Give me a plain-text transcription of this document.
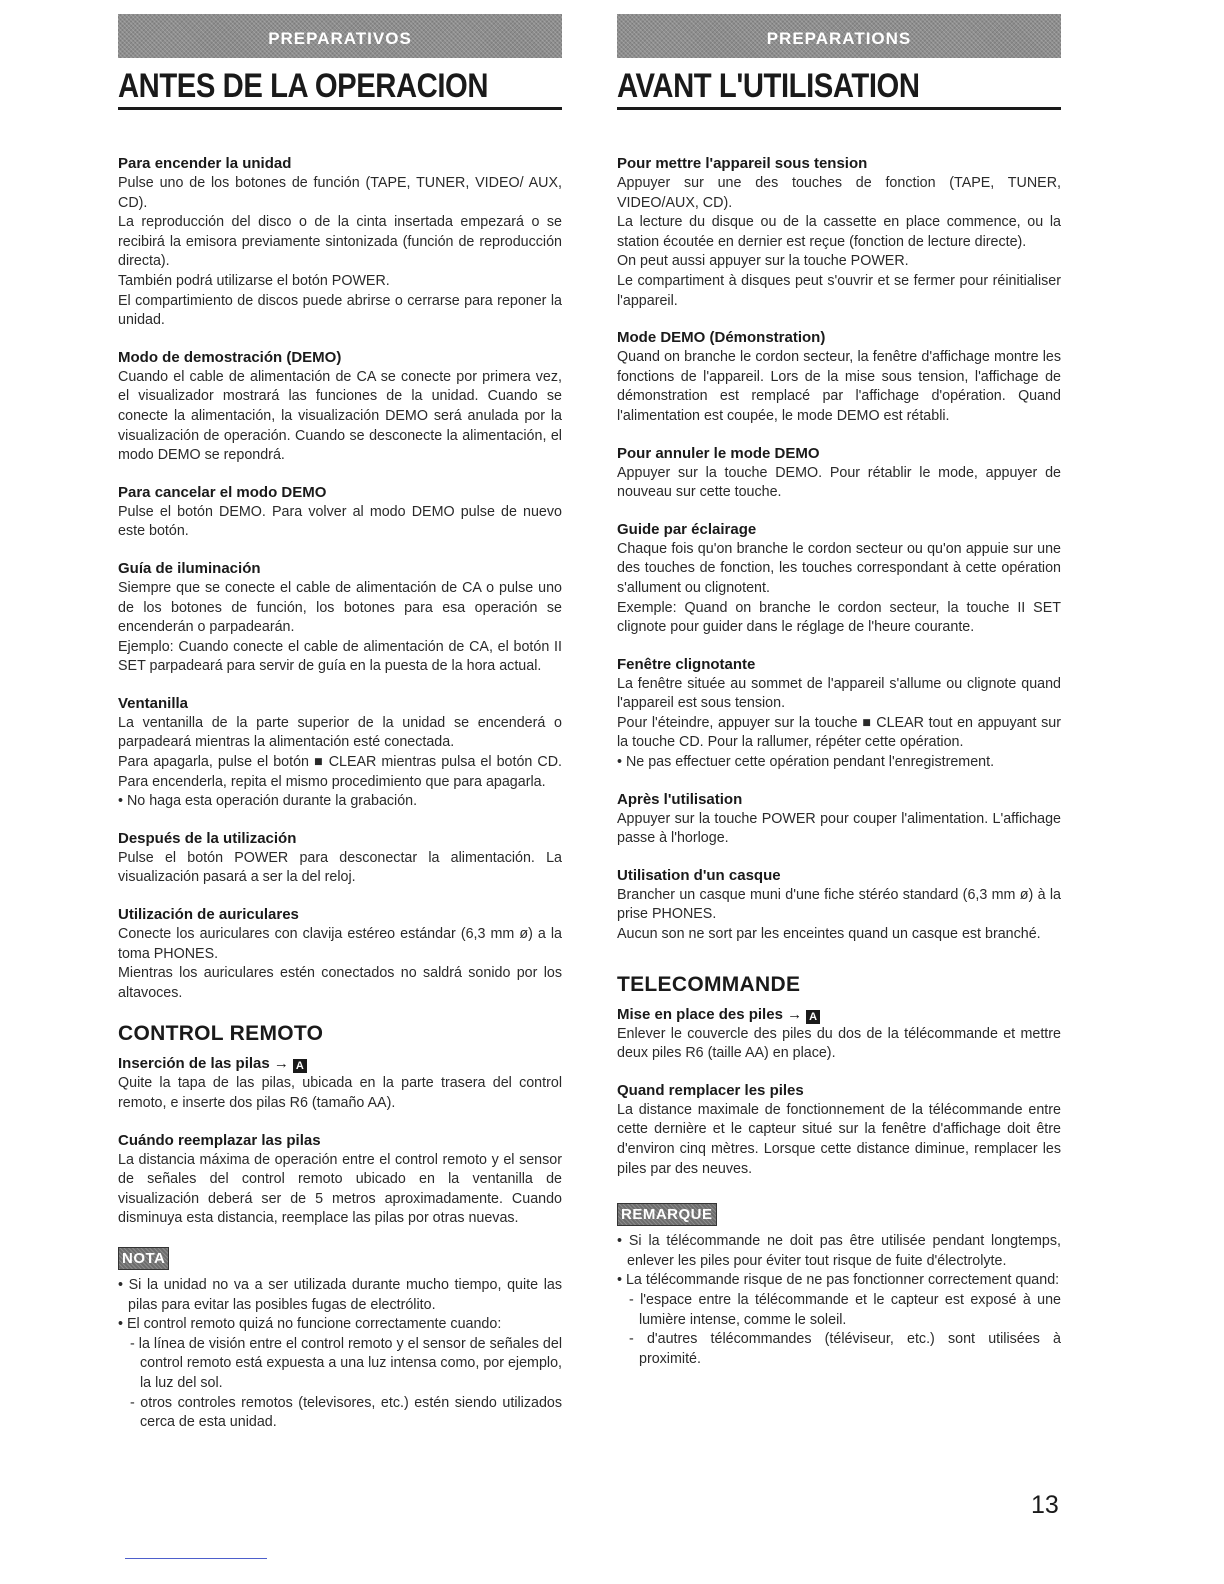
PREPARATIVOS
ANTES DE LA OPERACION
Para encender la unidad

Pulse uno de los botones de función (TAPE, TUNER, VIDEO/ AUX, CD).
La reproducción del disco o de la cinta insertada empezará o se recibirá la emisora previamente sintonizada (función de reproducción directa).
También podrá utilizarse el botón POWER.
El compartimiento de discos puede abrirse o cerrarse para reponer la unidad.

Modo de demostración (DEMO)

Cuando el cable de alimentación de CA se conecte por primera vez, el visualizador mostrará las funciones de la unidad. Cuando se conecte la alimentación, la visualización DEMO será anulada por la visualización de operación. Cuando se desconecte la alimentación, el modo DEMO se repondrá.

Para cancelar el modo DEMO

Pulse el botón DEMO. Para volver al modo DEMO pulse de nuevo este botón.

Guía de iluminación

Siempre que se conecte el cable de alimentación de CA o pulse uno de los botones de función, los botones para esa operación se encenderán o parpadearán.
Ejemplo: Cuando conecte el cable de alimentación de CA, el botón II SET parpadeará para servir de guía en la puesta de la hora actual.

Ventanilla

La ventanilla de la parte superior de la unidad se encenderá o parpadeará mientras la alimentación esté conectada.
Para apagarla, pulse el botón ■ CLEAR mientras pulsa el botón CD. Para encenderla, repita el mismo procedimiento que para apagarla.
• No haga esta operación durante la grabación.

Después de la utilización

Pulse el botón POWER para desconectar la alimentación. La visualización pasará a ser la del reloj.

Utilización de auriculares

Conecte los auriculares con clavija estéreo estándar (6,3 mm ø) a la toma PHONES.
Mientras los auriculares estén conectados no saldrá sonido por los altavoces.

CONTROL REMOTO
Inserción de las pilas → A

Quite la tapa de las pilas, ubicada en la parte trasera del control remoto, e inserte dos pilas R6 (tamaño AA).

Cuándo reemplazar las pilas

La distancia máxima de operación entre el control remoto y el sensor de señales del control remoto ubicado en la ventanilla de visualización deberá ser de 5 metros aproximadamente. Cuando disminuya esta distancia, reemplace las pilas por otras nuevas.

NOTA

• Si la unidad no va a ser utilizada durante mucho tiempo, quite las pilas para evitar las posibles fugas de electrólito.

• El control remoto quizá no funcione correctamente cuando:

- la línea de visión entre el control remoto y el sensor de señales del control remoto está expuesta a una luz intensa como, por ejemplo, la luz del sol.

- otros controles remotos (televisores, etc.) estén siendo utilizados cerca de esta unidad.

PREPARATIONS
AVANT L'UTILISATION
Pour mettre l'appareil sous tension

Appuyer sur une des touches de fonction (TAPE, TUNER, VIDEO/AUX, CD).
La lecture du disque ou de la cassette en place commence, ou la station écoutée en dernier est reçue (fonction de lecture directe).
On peut aussi appuyer sur la touche POWER.
Le compartiment à disques peut s'ouvrir et se fermer pour réinitialiser l'appareil.

Mode DEMO (Démonstration)

Quand on branche le cordon secteur, la fenêtre d'affichage montre les fonctions de l'appareil. Lors de la mise sous tension, l'affichage de démonstration est remplacé par l'affichage d'opération. Quand l'alimentation est coupée, le mode DEMO est rétabli.

Pour annuler le mode DEMO

Appuyer sur la touche DEMO. Pour rétablir le mode, appuyer de nouveau sur cette touche.

Guide par éclairage

Chaque fois qu'on branche le cordon secteur ou qu'on appuie sur une des touches de fonction, les touches correspondant à cette opération s'allument ou clignotent.
Exemple: Quand on branche le cordon secteur, la touche II SET clignote pour guider dans le réglage de l'heure courante.

Fenêtre clignotante

La fenêtre située au sommet de l'appareil s'allume ou clignote quand l'appareil est sous tension.
Pour l'éteindre, appuyer sur la touche ■ CLEAR tout en appuyant sur la touche CD. Pour la rallumer, répéter cette opération.
• Ne pas effectuer cette opération pendant l'enregistrement.

Après l'utilisation

Appuyer sur la touche POWER pour couper l'alimentation. L'affichage passe à l'horloge.

Utilisation d'un casque

Brancher un casque muni d'une fiche stéréo standard (6,3 mm ø) à la prise PHONES.
Aucun son ne sort par les enceintes quand un casque est branché.

TELECOMMANDE
Mise en place des piles → A

Enlever le couvercle des piles du dos de la télécommande et mettre deux piles R6 (taille AA) en place).

Quand remplacer les piles

La distance maximale de fonctionnement de la télécommande entre cette dernière et le capteur situé sur la fenêtre d'affichage doit être d'environ cinq mètres. Lorsque cette distance diminue, remplacer les piles par des neuves.

REMARQUE

• Si la télécommande ne doit pas être utilisée pendant longtemps, enlever les piles pour éviter tout risque de fuite d'électrolyte.

• La télécommande risque de ne pas fonctionner correctement quand:

- l'espace entre la télécommande et le capteur est exposé à une lumière intense, comme le soleil.

- d'autres télécommandes (téléviseur, etc.) sont utilisées à proximité.

13
